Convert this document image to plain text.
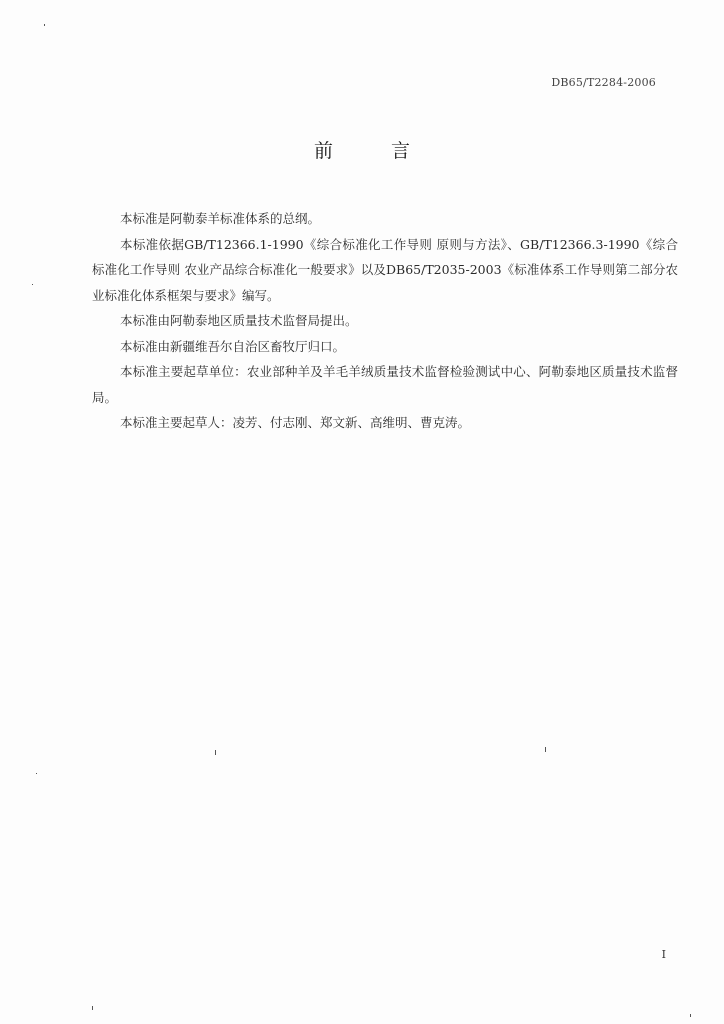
DB65/T2284-2006
前 言

本标准是阿勒泰羊标准体系的总纲。

本标准依据GB/T12366.1-1990《综合标准化工作导则 原则与方法》、GB/T12366.3-1990《综合标准化工作导则 农业产品综合标准化一般要求》以及DB65/T2035-2003《标准体系工作导则第二部分农业标准化体系框架与要求》编写。

本标准由阿勒泰地区质量技术监督局提出。

本标准由新疆维吾尔自治区畜牧厅归口。

本标准主要起草单位：农业部种羊及羊毛羊绒质量技术监督检验测试中心、阿勒泰地区质量技术监督局。

本标准主要起草人：凌芳、付志刚、郑文新、高维明、曹克涛。

I
